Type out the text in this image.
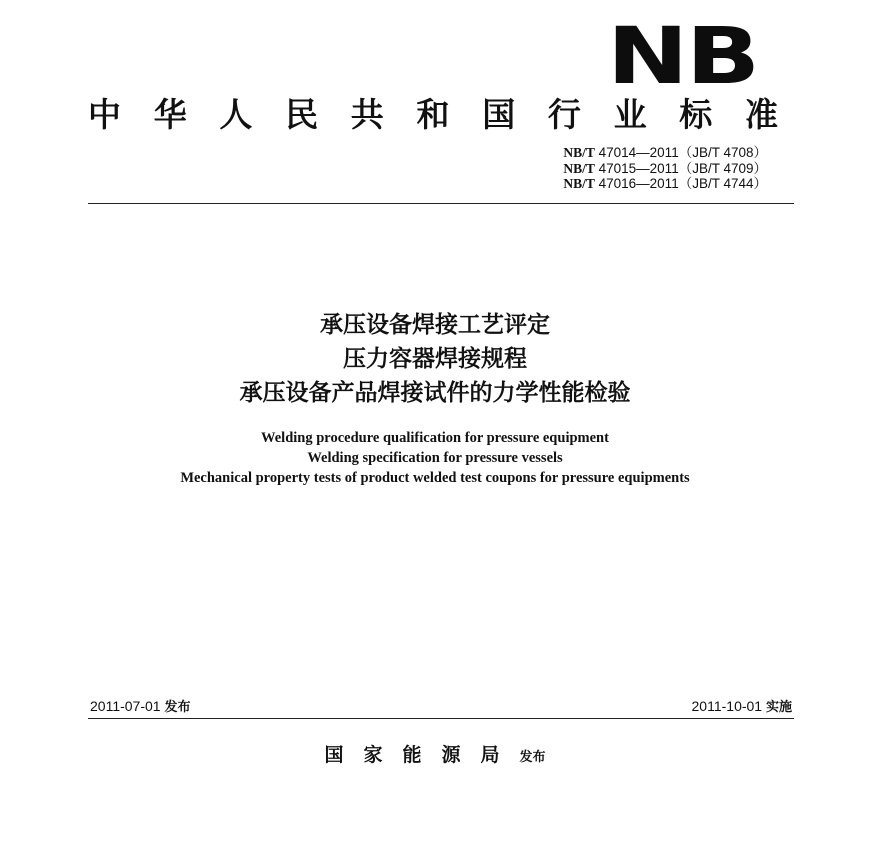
NB
中华人民共和国行业标准
NB/T 47014—2011（JB/T 4708）
NB/T 47015—2011（JB/T 4709）
NB/T 47016—2011（JB/T 4744）
承压设备焊接工艺评定
压力容器焊接规程
承压设备产品焊接试件的力学性能检验
Welding procedure qualification for pressure equipment
Welding specification for pressure vessels
Mechanical property tests of product welded test coupons for pressure equipments
2011-07-01 发布	2011-10-01 实施
国家能源局发布
